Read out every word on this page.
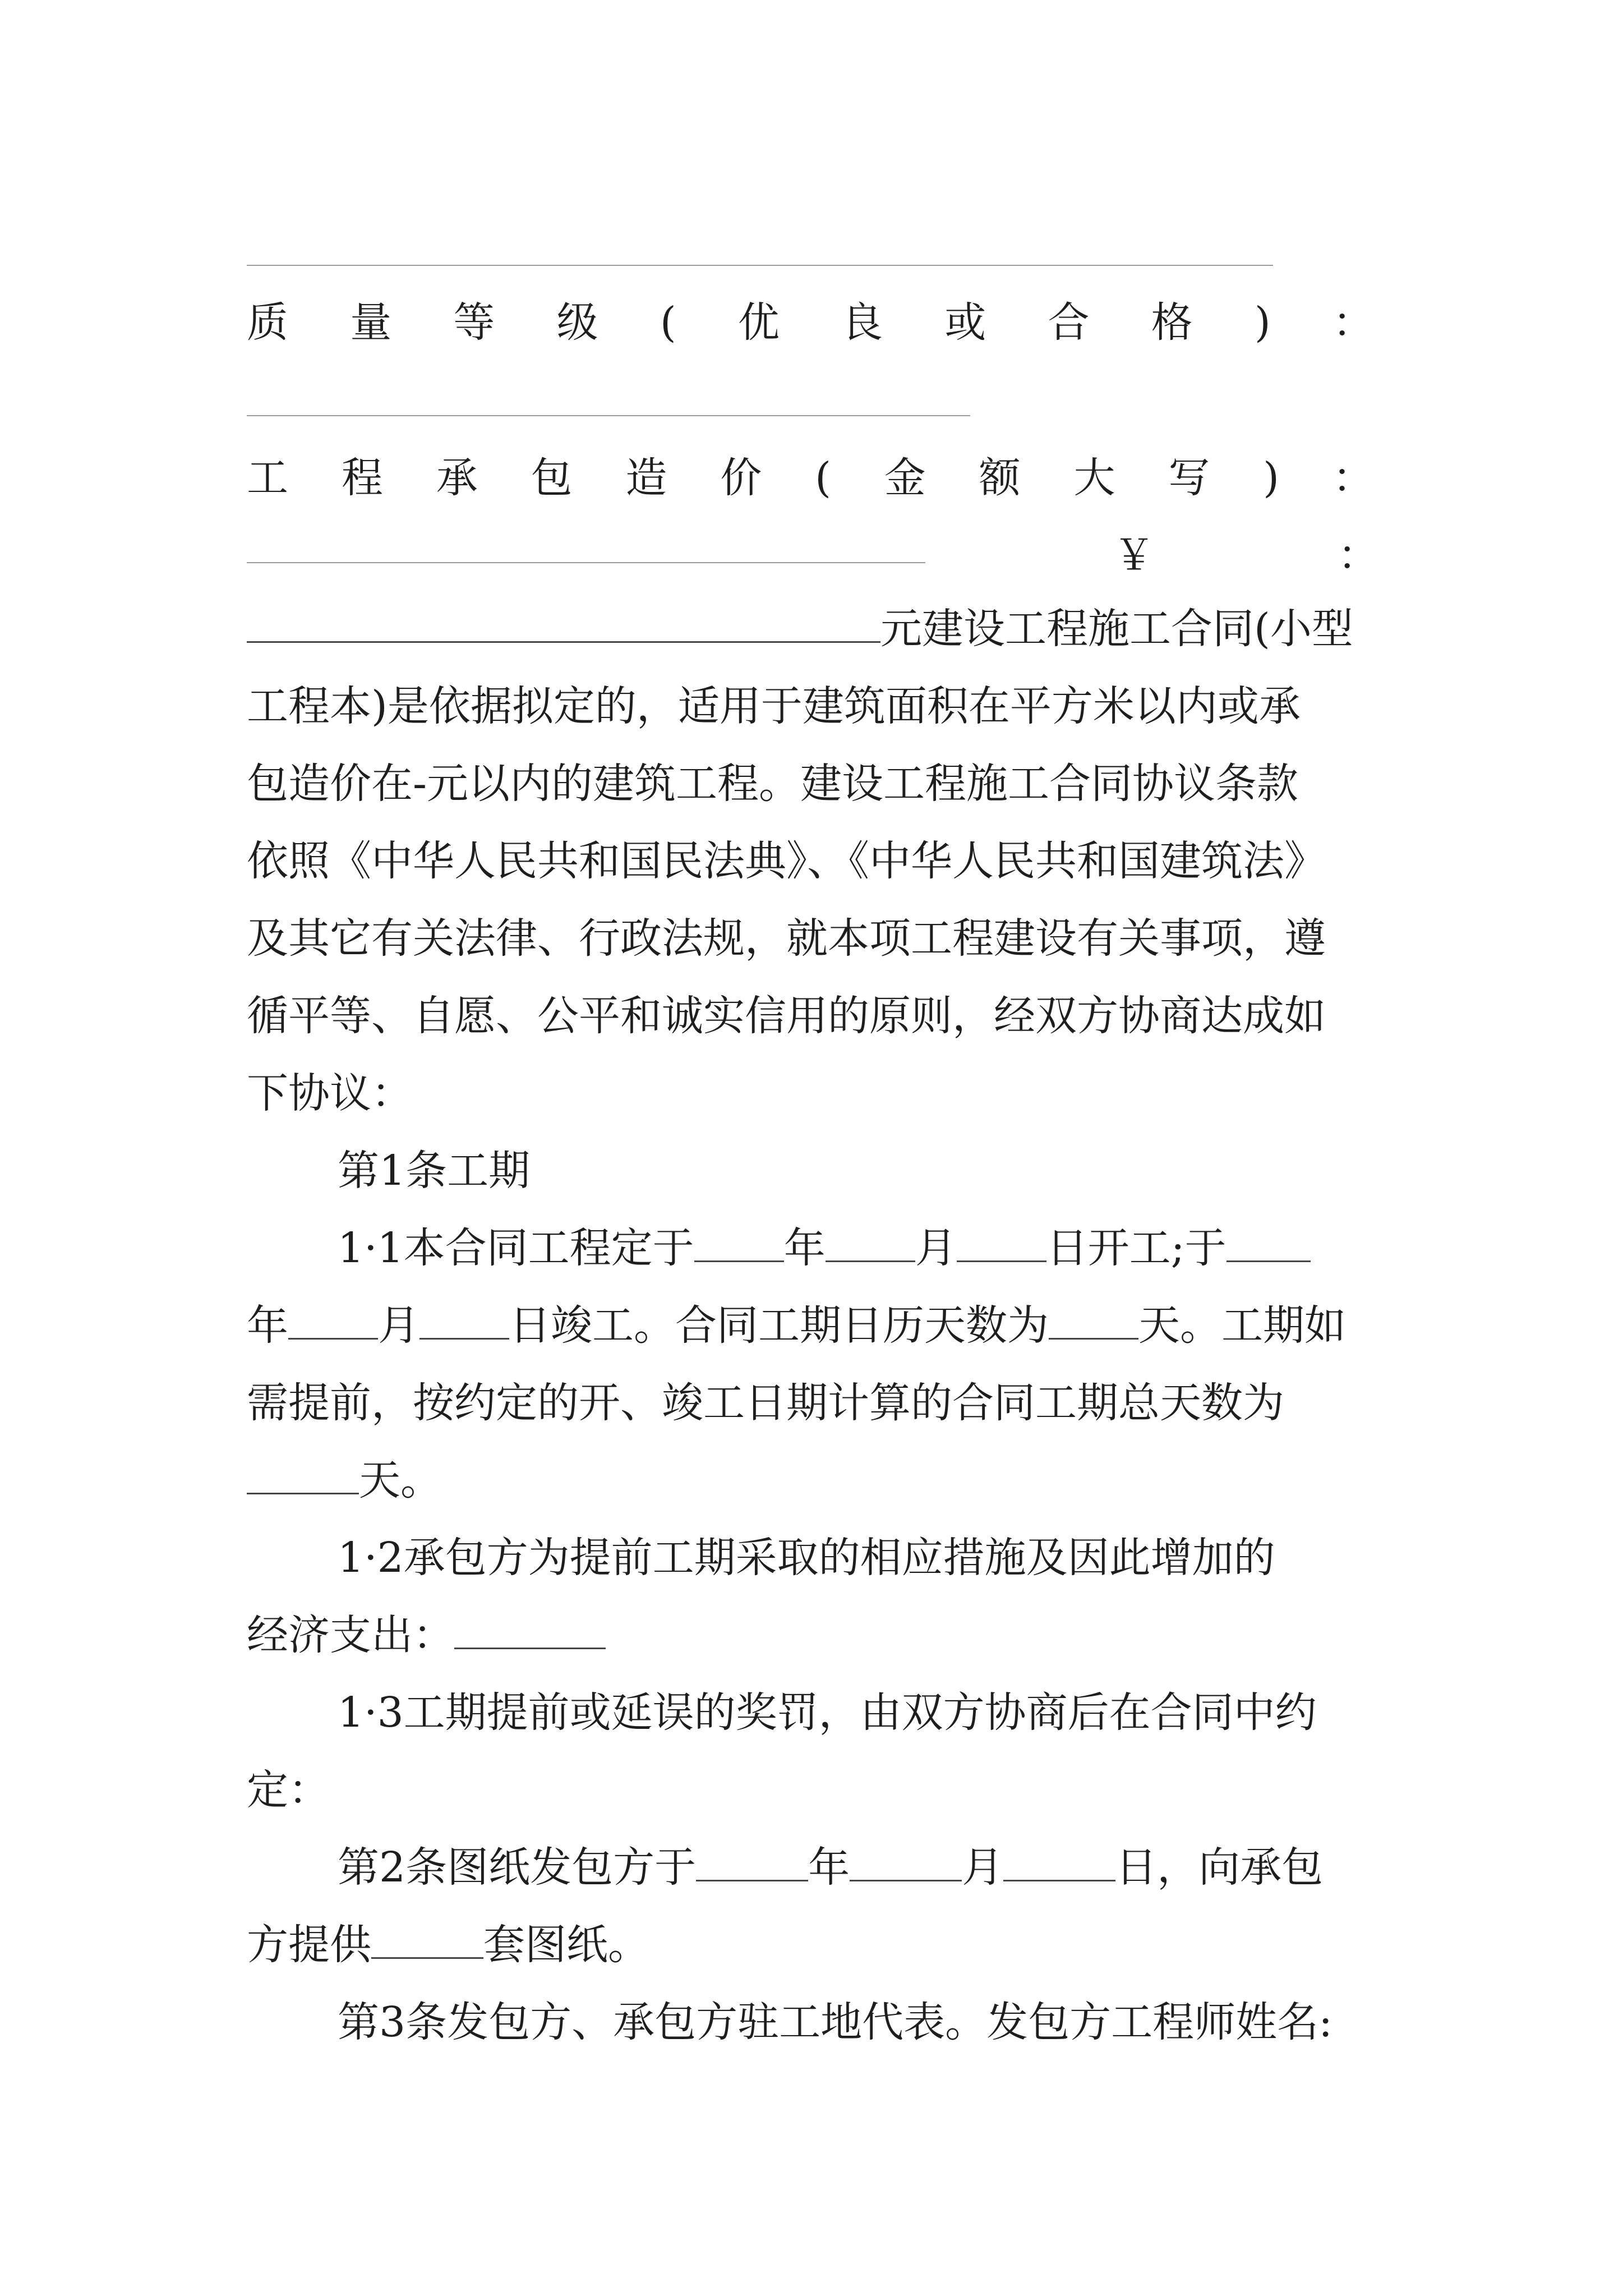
质 量 等 级 ( 优 良 或 合 格 ) ：
工 程 承 包 造 价 ( 金 额 大 写 ) ：
￥	：
元建设工程施工合同(小型
工程本)是依据拟定的，适用于建筑面积在平方米以内或承
包造价在-元以内的建筑工程。建设工程施工合同协议条款
依照《中华人民共和国民法典》、《中华人民共和国建筑法》
及其它有关法律、行政法规，就本项工程建设有关事项，遵
循平等、自愿、公平和诚实信用的原则，经双方协商达成如
下协议：
第1条工期
1·1本合同工程定于 年 月 日开工;于
年 月 日竣工。合同工期日历天数为 天。工期如
需提前，按约定的开、竣工日期计算的合同工期总天数为
天。
1·2承包方为提前工期采取的相应措施及因此增加的
经济支出：
1·3工期提前或延误的奖罚，由双方协商后在合同中约
定：
第2条图纸发包方于	年	月	日，向承包
方提供	套图纸。
第3条发包方、承包方驻工地代表。发包方工程师姓名:
